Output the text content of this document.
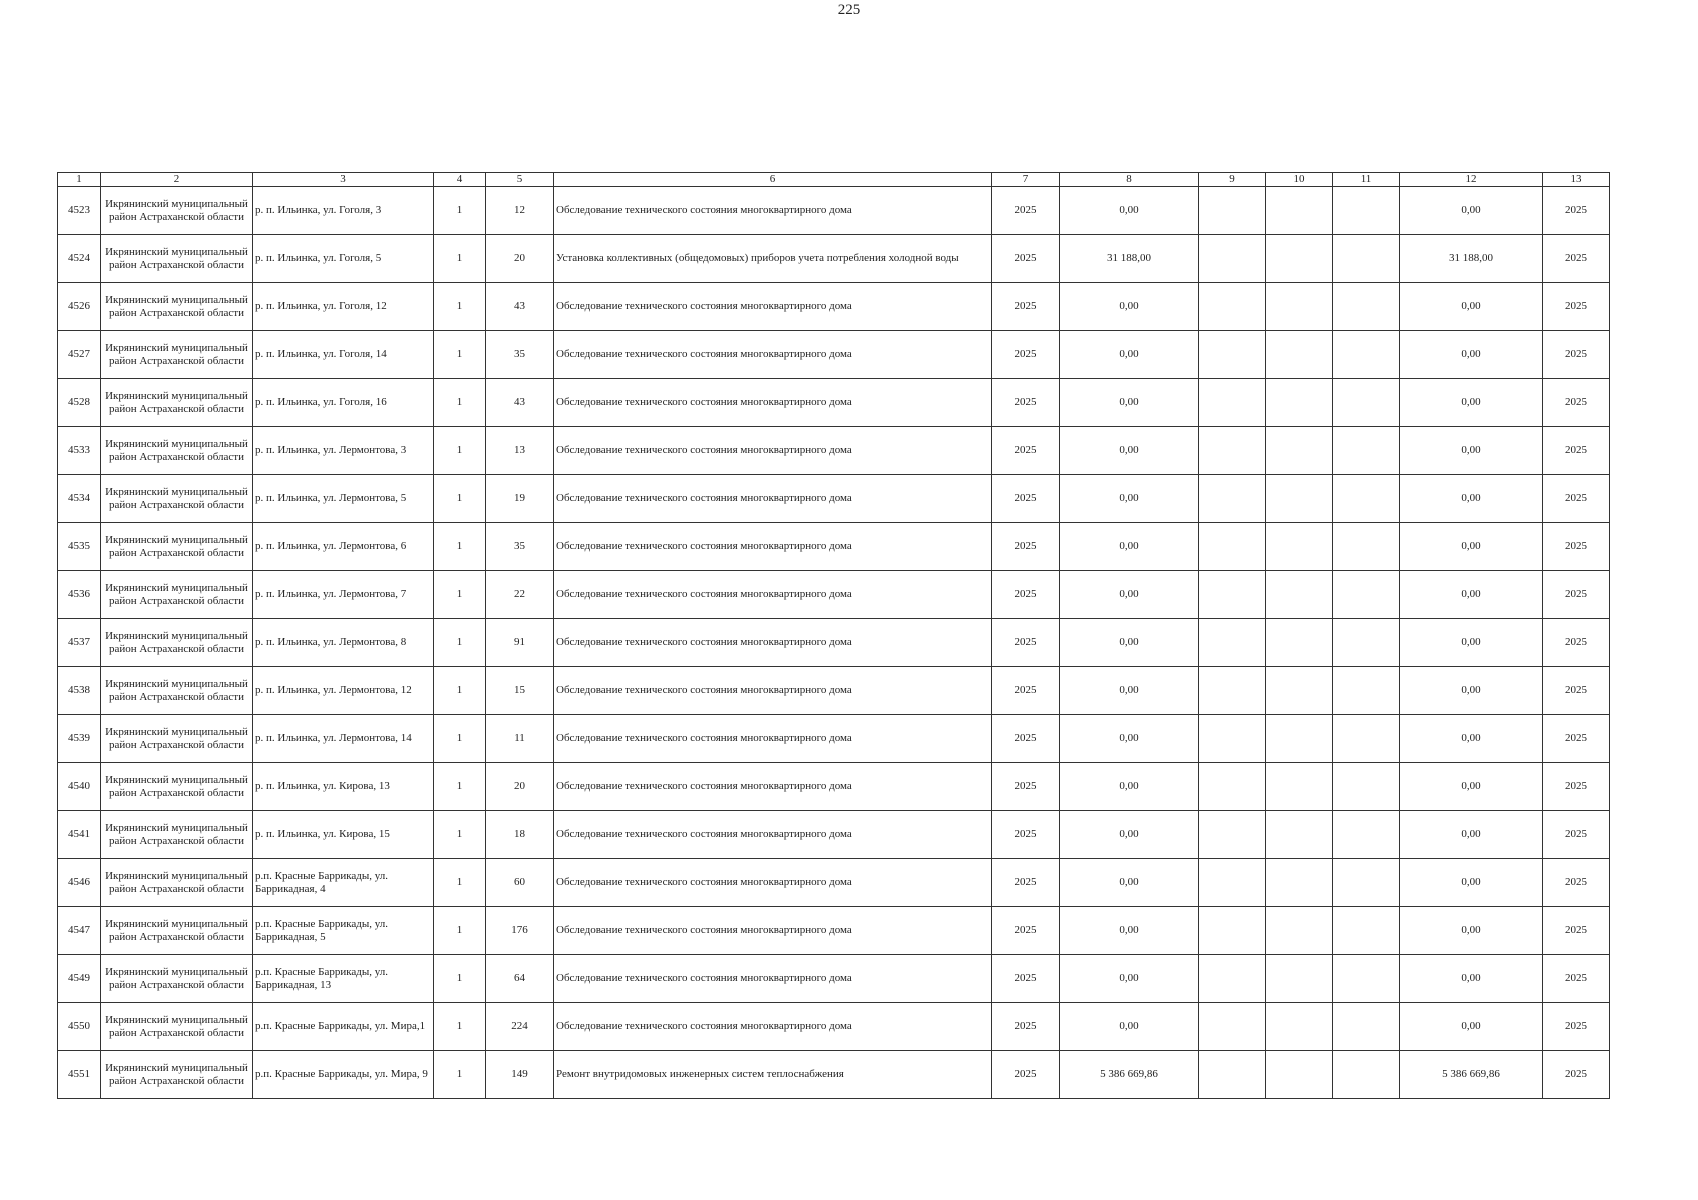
225
1	2	3	4	5	6	7	8	9	10	11	12	13
4523	Икрянинский муниципальный район Астраханской области	р. п. Ильинка, ул. Гоголя, 3	1	12	Обследование технического состояния многоквартирного дома	2025	0,00				0,00	2025
4524	Икрянинский муниципальный район Астраханской области	р. п. Ильинка, ул. Гоголя, 5	1	20	Установка коллективных (общедомовых) приборов учета потребления холодной воды	2025	31 188,00				31 188,00	2025
4526	Икрянинский муниципальный район Астраханской области	р. п. Ильинка, ул. Гоголя, 12	1	43	Обследование технического состояния многоквартирного дома	2025	0,00				0,00	2025
4527	Икрянинский муниципальный район Астраханской области	р. п. Ильинка, ул. Гоголя, 14	1	35	Обследование технического состояния многоквартирного дома	2025	0,00				0,00	2025
4528	Икрянинский муниципальный район Астраханской области	р. п. Ильинка, ул. Гоголя, 16	1	43	Обследование технического состояния многоквартирного дома	2025	0,00				0,00	2025
4533	Икрянинский муниципальный район Астраханской области	р. п. Ильинка, ул. Лермонтова, 3	1	13	Обследование технического состояния многоквартирного дома	2025	0,00				0,00	2025
4534	Икрянинский муниципальный район Астраханской области	р. п. Ильинка, ул. Лермонтова, 5	1	19	Обследование технического состояния многоквартирного дома	2025	0,00				0,00	2025
4535	Икрянинский муниципальный район Астраханской области	р. п. Ильинка, ул. Лермонтова, 6	1	35	Обследование технического состояния многоквартирного дома	2025	0,00				0,00	2025
4536	Икрянинский муниципальный район Астраханской области	р. п. Ильинка, ул. Лермонтова, 7	1	22	Обследование технического состояния многоквартирного дома	2025	0,00				0,00	2025
4537	Икрянинский муниципальный район Астраханской области	р. п. Ильинка, ул. Лермонтова, 8	1	91	Обследование технического состояния многоквартирного дома	2025	0,00				0,00	2025
4538	Икрянинский муниципальный район Астраханской области	р. п. Ильинка, ул. Лермонтова, 12	1	15	Обследование технического состояния многоквартирного дома	2025	0,00				0,00	2025
4539	Икрянинский муниципальный район Астраханской области	р. п. Ильинка, ул. Лермонтова, 14	1	11	Обследование технического состояния многоквартирного дома	2025	0,00				0,00	2025
4540	Икрянинский муниципальный район Астраханской области	р. п. Ильинка, ул. Кирова, 13	1	20	Обследование технического состояния многоквартирного дома	2025	0,00				0,00	2025
4541	Икрянинский муниципальный район Астраханской области	р. п. Ильинка, ул. Кирова, 15	1	18	Обследование технического состояния многоквартирного дома	2025	0,00				0,00	2025
4546	Икрянинский муниципальный район Астраханской области	р.п. Красные Баррикады, ул. Баррикадная, 4	1	60	Обследование технического состояния многоквартирного дома	2025	0,00				0,00	2025
4547	Икрянинский муниципальный район Астраханской области	р.п. Красные Баррикады, ул. Баррикадная, 5	1	176	Обследование технического состояния многоквартирного дома	2025	0,00				0,00	2025
4549	Икрянинский муниципальный район Астраханской области	р.п. Красные Баррикады, ул. Баррикадная, 13	1	64	Обследование технического состояния многоквартирного дома	2025	0,00				0,00	2025
4550	Икрянинский муниципальный район Астраханской области	р.п. Красные Баррикады, ул. Мира,1	1	224	Обследование технического состояния многоквартирного дома	2025	0,00				0,00	2025
4551	Икрянинский муниципальный район Астраханской области	р.п. Красные Баррикады, ул. Мира, 9	1	149	Ремонт внутридомовых инженерных систем теплоснабжения	2025	5 386 669,86				5 386 669,86	2025
